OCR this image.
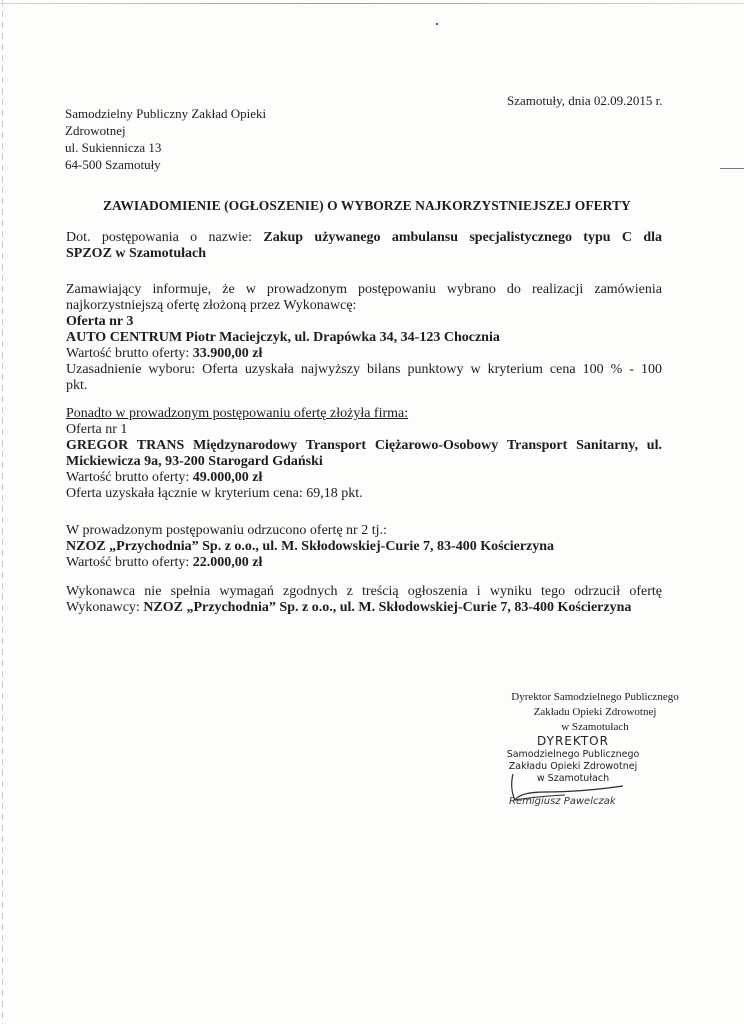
Szamotuły, dnia 02.09.2015 r.

Samodzielny Publiczny Zakład Opieki
Zdrowotnej
ul. Sukiennicza 13
64-500 Szamotuły
ZAWIADOMIENIE (OGŁOSZENIE) O WYBORZE NAJKORZYSTNIEJSZEJ OFERTY
Dot. postępowania o nazwie: Zakup używanego ambulansu specjalistycznego typu C dla
SPZOZ w Szamotułach
Zamawiający informuje, że w prowadzonym postępowaniu wybrano do realizacji zamówienia
najkorzystniejszą ofertę złożoną przez Wykonawcę:
Oferta nr 3
AUTO CENTRUM Piotr Maciejczyk, ul. Drapówka 34, 34-123 Chocznia
Wartość brutto oferty: 33.900,00 zł
Uzasadnienie wyboru: Oferta uzyskała najwyższy bilans punktowy w kryterium cena 100 % - 100
pkt.
Ponadto w prowadzonym postępowaniu ofertę złożyła firma:
Oferta nr 1
GREGOR TRANS Międzynarodowy Transport Ciężarowo-Osobowy Transport Sanitarny, ul.
Mickiewicza 9a, 93-200 Starogard Gdański
Wartość brutto oferty: 49.000,00 zł
Oferta uzyskała łącznie w kryterium cena: 69,18 pkt.
W prowadzonym postępowaniu odrzucono ofertę nr 2 tj.:
NZOZ „Przychodnia” Sp. z o.o., ul. M. Skłodowskiej-Curie 7, 83-400 Kościerzyna
Wartość brutto oferty: 22.000,00 zł
Wykonawca nie spełnia wymagań zgodnych z treścią ogłoszenia i wyniku tego odrzucił ofertę
Wykonawcy: NZOZ „Przychodnia” Sp. z o.o., ul. M. Skłodowskiej-Curie 7, 83-400 Kościerzyna
Dyrektor Samodzielnego Publicznego
Zakładu Opieki Zdrowotnej
w Szamotułach
DYREKTOR
Samodzielnego Publicznego
Zakładu Opieki Zdrowotnej
w Szamotułach
Remigiusz Pawelczak
